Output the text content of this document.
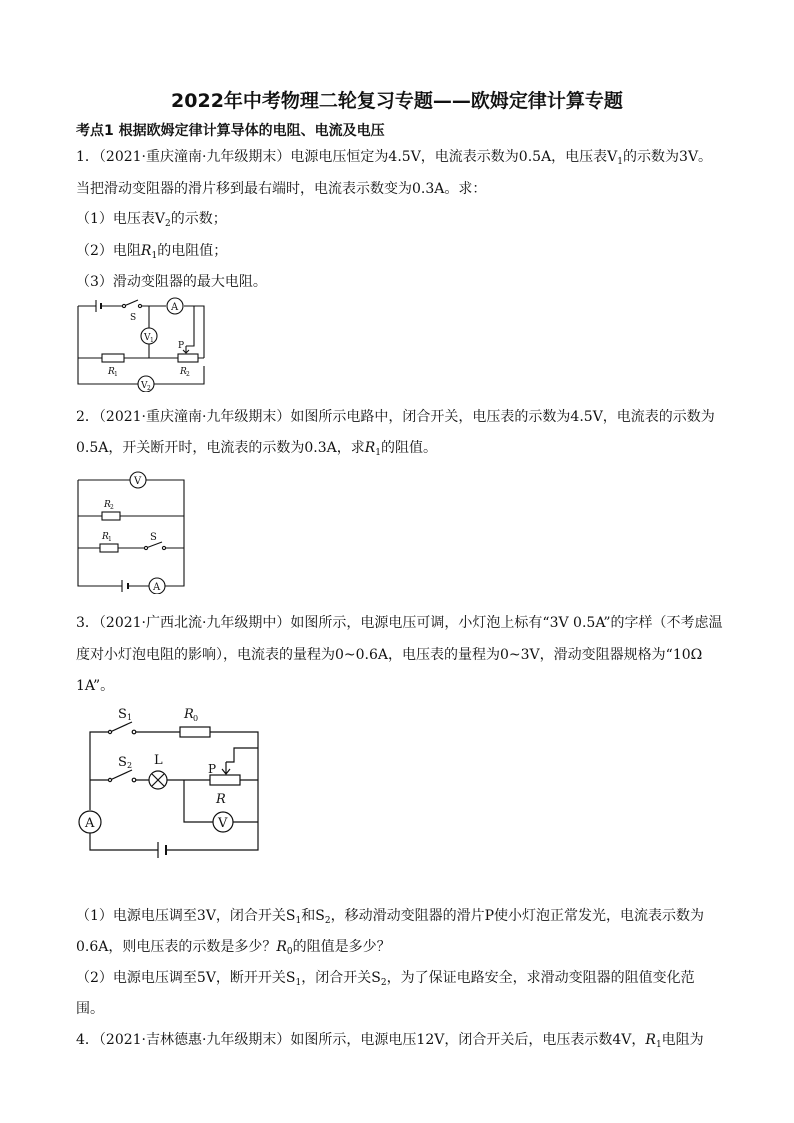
2022年中考物理二轮复习专题——欧姆定律计算专题
考点1 根据欧姆定律计算导体的电阻、电流及电压
1．（2021·重庆潼南·九年级期末）电源电压恒定为4.5V，电流表示数为0.5A，电压表$V_1$的示数为3V。
当把滑动变阻器的滑片移到最右端时，电流表示数变为0.3A。求：
（1）电压表$V_2$的示数；
（2）电阻$R_1$的电阻值；
（3）滑动变阻器的最大电阻。
S
A
V 1
R 1
P
R 2
V 2
2．（2021·重庆潼南·九年级期末）如图所示电路中，闭合开关，电压表的示数为4.5V，电流表的示数为
0.5A，开关断开时，电流表的示数为0.3A，求$R_1$的阻值。
V
R 2
R 1	S
A
3．（2021·广西北流·九年级期中）如图所示，电源电压可调，小灯泡上标有“3V 0.5A”的字样（不考虑温
度对小灯泡电阻的影响），电流表的量程为0~0.6A，电压表的量程为0~3V，滑动变阻器规格为“10Ω
1A”。
S 1	R 0
S 2 L
P
R
V
A
（1）电源电压调至3V，闭合开关$S_1$和$S_2$，移动滑动变阻器的滑片P使小灯泡正常发光，电流表示数为
0.6A，则电压表的示数是多少？$R_0$的阻值是多少？
（2）电源电压调至5V，断开开关$S_1$，闭合开关$S_2$，为了保证电路安全，求滑动变阻器的阻值变化范
围。
4．（2021·吉林德惠·九年级期末）如图所示，电源电压12V，闭合开关后，电压表示数4V，$R_1$电阻为
